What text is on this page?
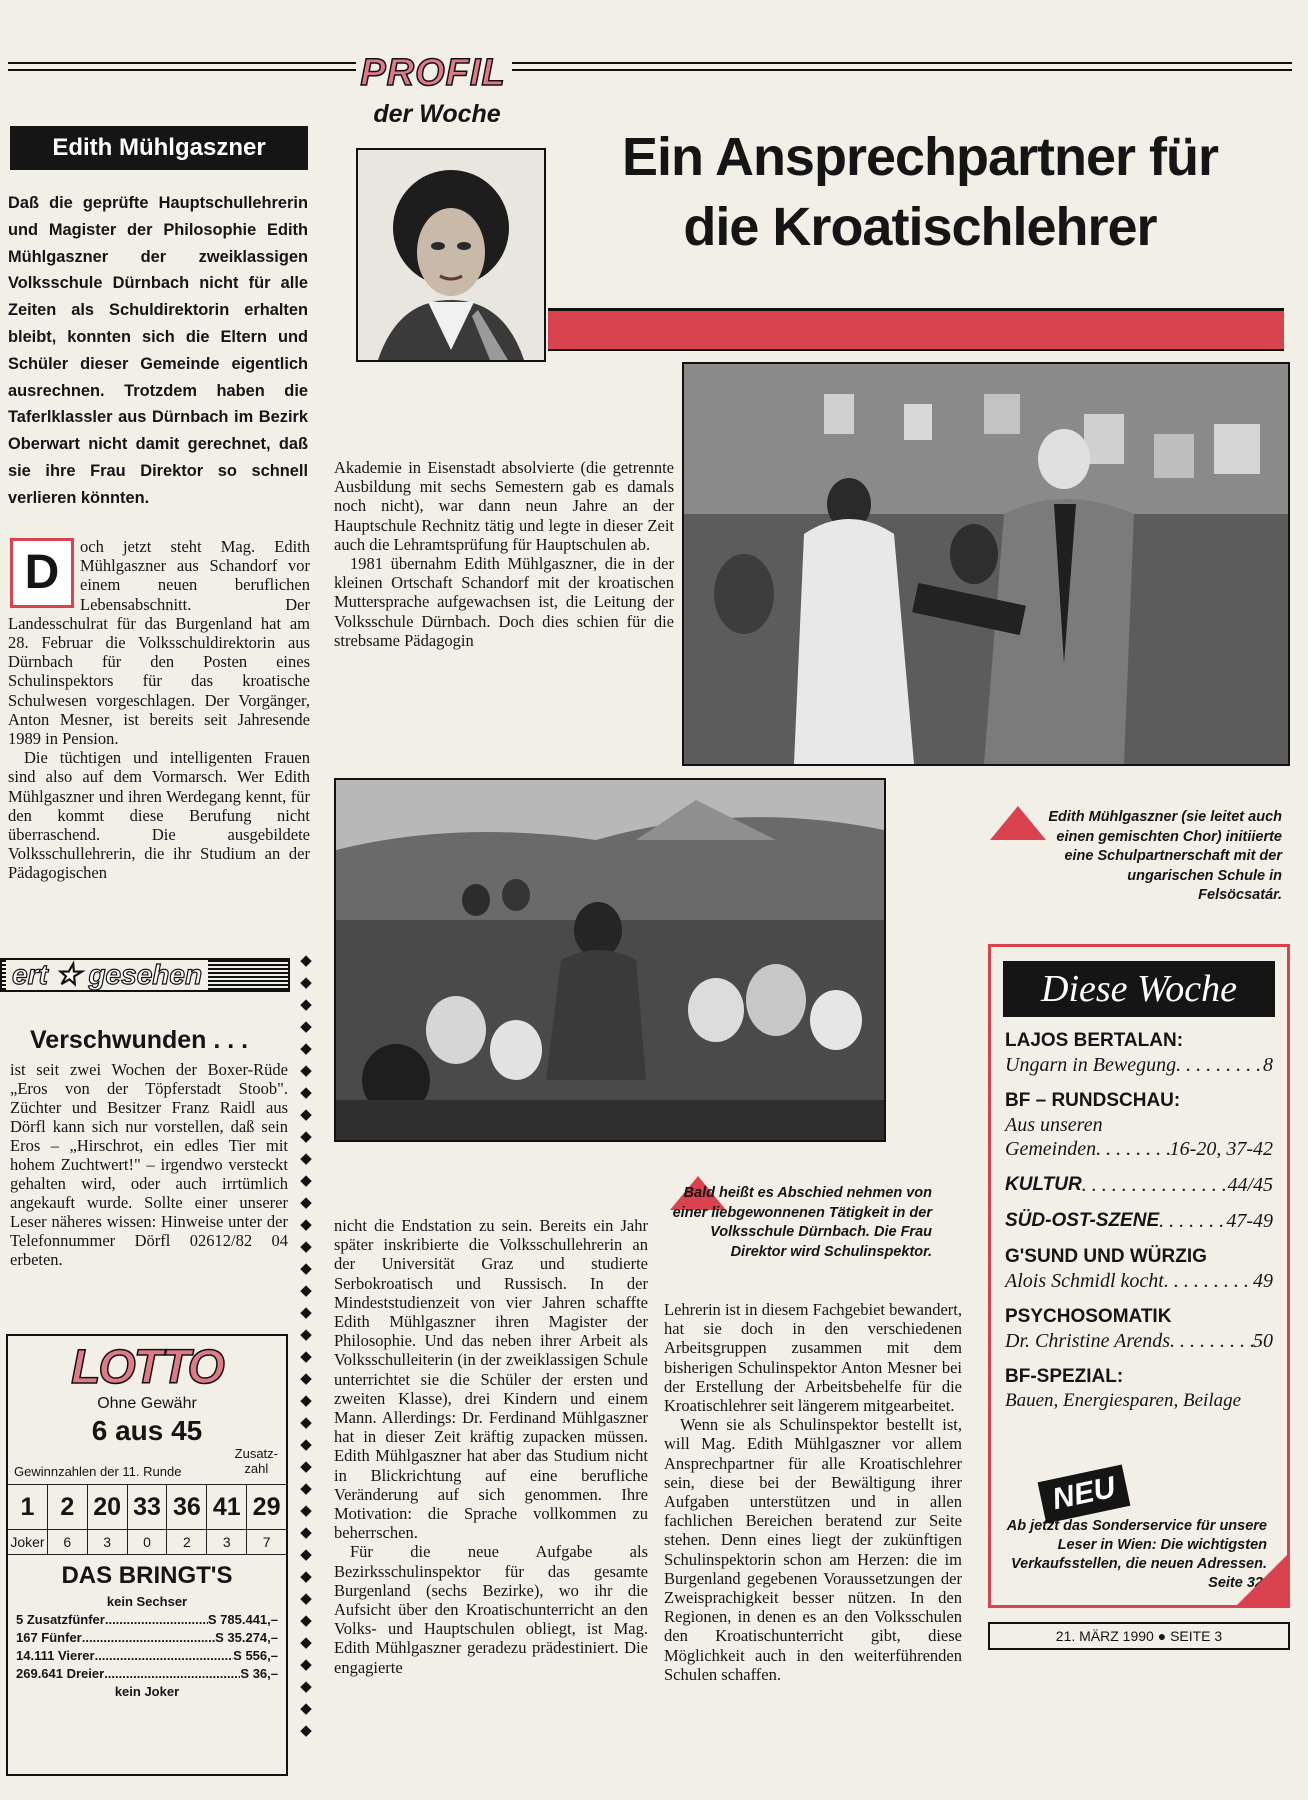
PROFIL
der Woche
Ein Ansprechpartner für
die Kroatischlehrer
Edith Mühlgaszner
Daß die geprüfte Hauptschullehrerin und Magister der Philosophie Edith Mühlgaszner der zweiklassigen Volksschule Dürnbach nicht für alle Zeiten als Schuldirektorin erhalten bleibt, konnten sich die Eltern und Schüler dieser Gemeinde eigentlich ausrechnen. Trotzdem haben die Taferlklassler aus Dürnbach im Bezirk Oberwart nicht damit gerechnet, daß sie ihre Frau Direktor so schnell verlieren könnten.
D	och jetzt steht Mag. Edith Mühlgaszner aus Schandorf vor einem neuen beruflichen Lebensabschnitt. Der Landesschulrat für das Burgenland hat am 28. Februar die Volksschuldirektorin aus Dürnbach für den Posten eines Schulinspektors für das kroatische Schulwesen vorgeschlagen. Der Vorgänger, Anton Mesner, ist bereits seit Jahresende 1989 in Pension.

Die tüchtigen und intelligenten Frauen sind also auf dem Vormarsch. Wer Edith Mühlgaszner und ihren Werdegang kennt, für den kommt diese Berufung nicht überraschend. Die ausgebildete Volksschullehrerin, die ihr Studium an der Pädagogischen

Akademie in Eisenstadt absolvierte (die getrennte Ausbildung mit sechs Semestern gab es damals noch nicht), war dann neun Jahre an der Hauptschule Rechnitz tätig und legte in dieser Zeit auch die Lehramtsprüfung für Hauptschulen ab.

1981 übernahm Edith Mühlgaszner, die in der kleinen Ortschaft Schandorf mit der kroatischen Muttersprache aufgewachsen ist, die Leitung der Volksschule Dürnbach. Doch dies schien für die strebsame Pädagogin

Edith Mühlgaszner (sie leitet auch einen gemischten Chor) initiierte eine Schulpartnerschaft mit der ungarischen Schule in Felsöcsatár.
Bald heißt es Abschied nehmen von einer liebgewonnenen Tätigkeit in der Volksschule Dürnbach. Die Frau Direktor wird Schulinspektor.

nicht die Endstation zu sein. Bereits ein Jahr später inskribierte die Volksschullehrerin an der Universität Graz und studierte Serbokroatisch und Russisch. In der Mindeststudienzeit von vier Jahren schaffte Edith Mühlgaszner ihren Magister der Philosophie. Und das neben ihrer Arbeit als Volksschulleiterin (in der zweiklassigen Schule unterrichtet sie die Schüler der ersten und zweiten Klasse), drei Kindern und einem Mann. Allerdings: Dr. Ferdinand Mühlgaszner hat in dieser Zeit kräftig zupacken müssen. Edith Mühlgaszner hat aber das Studium nicht in Blickrichtung auf eine berufliche Veränderung auf sich genommen. Ihre Motivation: die Sprache vollkommen zu beherrschen.

Für die neue Aufgabe als Bezirksschulinspektor für das gesamte Burgenland (sechs Bezirke), wo ihr die Aufsicht über den Kroatischunterricht an den Volks- und Hauptschulen obliegt, ist Mag. Edith Mühlgaszner geradezu prädestiniert. Die engagierte

Lehrerin ist in diesem Fachgebiet bewandert, hat sie doch in den verschiedenen Arbeitsgruppen zusammen mit dem bisherigen Schulinspektor Anton Mesner bei der Erstellung der Arbeitsbehelfe für die Kroatischlehrer seit längerem mitgearbeitet.

Wenn sie als Schulinspektor bestellt ist, will Mag. Edith Mühlgaszner vor allem Ansprechpartner für alle Kroatischlehrer sein, diese bei der Bewältigung ihrer Aufgaben unterstützen und in allen fachlichen Bereichen beratend zur Seite stehen. Denn eines liegt der zukünftigen Schulinspektorin schon am Herzen: die im Burgenland gegebenen Voraussetzungen der Zweisprachigkeit besser nützen. In den Regionen, in denen es an den Volksschulen den Kroatischunterricht gibt, diese Möglichkeit auch in den weiterführenden Schulen schaffen.

ert ★ gesehen	◆
◆
◆
◆
◆
◆
◆
◆
◆
◆
◆
◆
◆
◆
◆
◆
◆
◆
◆
◆
◆
◆
◆
◆
◆
◆
◆
◆
◆
◆
◆
◆
◆
◆
◆
◆
Verschwunden . . .
ist seit zwei Wochen der Boxer-Rüde „Eros von der Töpferstadt Stoob". Züchter und Besitzer Franz Raidl aus Dörfl kann sich nur vorstellen, daß sein Eros – „Hirschrot, ein edles Tier mit hohem Zuchtwert!" – irgendwo versteckt gehalten wird, oder auch irrtümlich angekauft wurde. Sollte einer unserer Leser näheres wissen: Hinweise unter der Telefonnummer Dörfl 02612/82 04 erbeten.
LOTTO
Ohne Gewähr
6 aus 45
Gewinnzahlen der 11. Runde
Zusatz-
zahl
1	2 20 33 36 41 29
Joker	6	3	0	2	3	7
DAS BRINGT'S
kein Sechser
5 Zusatzfünfer .....	S 785.441,–
167 Fünfer .....	S 35.274,–
14.111 Vierer .....	S 556,–
269.641 Dreier .....	S 36,–
kein Joker
Diese Woche
LAJOS BERTALAN:
Ungarn in Bewegung . . .	8
BF – RUNDSCHAU:
Aus unseren
Gemeinden . . .	16-20, 37-42
KULTUR . . .	44/45
SÜD-OST-SZENE . . .	47-49
G'SUND UND WÜRZIG
Alois Schmidl kocht . . .	49
PSYCHOSOMATIK
Dr. Christine Arends . . .	50
BF-SPEZIAL:
Bauen, Energiesparen, Beilage
NEU
Ab jetzt das Sonderservice für unsere Leser in Wien: Die wichtigsten Verkaufsstellen, die neuen Adressen. Seite 32.
21. MÄRZ 1990 ● SEITE 3
